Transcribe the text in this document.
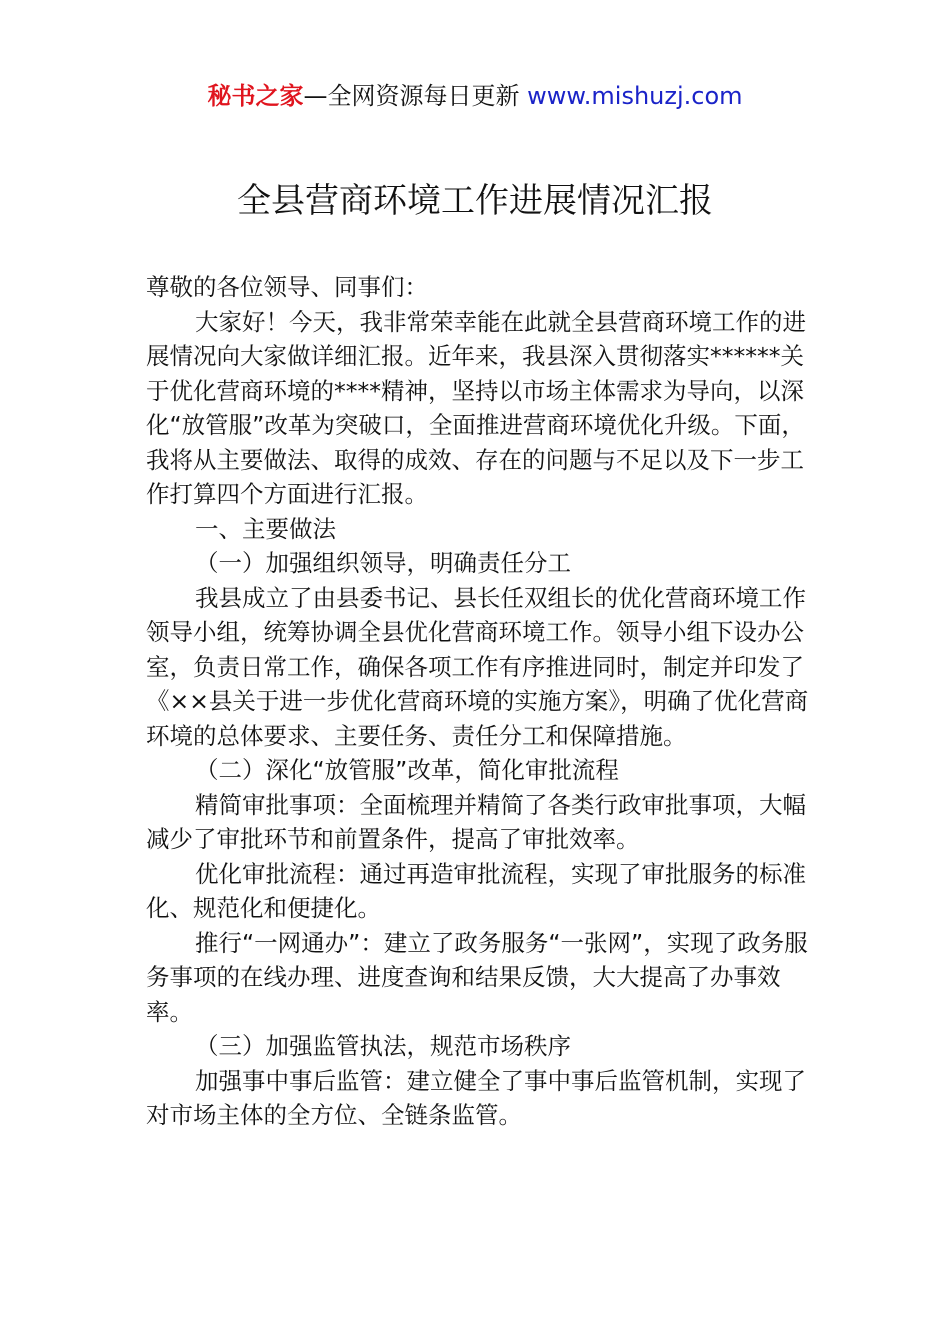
秘书之家—全网资源每日更新 www.mishuzj.com
全县营商环境工作进展情况汇报

尊敬的各位领导、同事们：

大家好！今天，我非常荣幸能在此就全县营商环境工作的进展情况向大家做详细汇报。近年来，我县深入贯彻落实******关于优化营商环境的****精神，坚持以市场主体需求为导向，以深化“放管服”改革为突破口，全面推进营商环境优化升级。下面，我将从主要做法、取得的成效、存在的问题与不足以及下一步工作打算四个方面进行汇报。

一、主要做法

（一）加强组织领导，明确责任分工

我县成立了由县委书记、县长任双组长的优化营商环境工作领导小组，统筹协调全县优化营商环境工作。领导小组下设办公室，负责日常工作，确保各项工作有序推进同时，制定并印发了《××县关于进一步优化营商环境的实施方案》，明确了优化营商环境的总体要求、主要任务、责任分工和保障措施。

（二）深化“放管服”改革，简化审批流程

精简审批事项：全面梳理并精简了各类行政审批事项，大幅减少了审批环节和前置条件，提高了审批效率。

优化审批流程：通过再造审批流程，实现了审批服务的标准化、规范化和便捷化。

推行“一网通办”：建立了政务服务“一张网”，实现了政务服务事项的在线办理、进度查询和结果反馈，大大提高了办事效率。

（三）加强监管执法，规范市场秩序

加强事中事后监管：建立健全了事中事后监管机制，实现了对市场主体的全方位、全链条监管。
